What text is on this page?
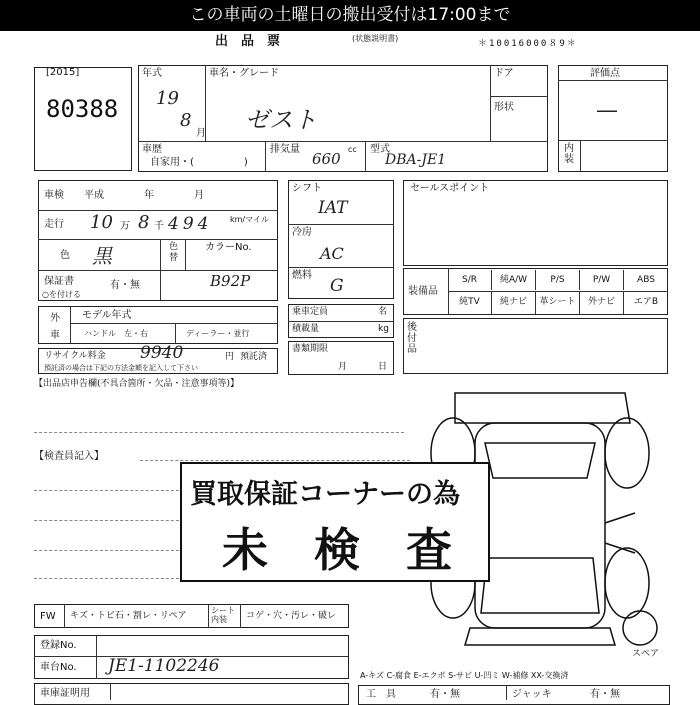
この車両の土曜日の搬出受付は17:00まで
出　品　票	(状態説明書)
＊10016000８9＊
[2015]
80388
年式	車名・グレード	ドア
形状
19
8
月 ゼスト
車歴
自家用・(　　　　　)
排気量	cc
660
型式
DBA-JE1
評価点
—
内装
車検　　平成　　　　年　　　　月
走行 10 万 8 千 494 km/マイル
色 黒	色替
カラーNo.
B92P
保証書
○を付ける
有・無
外車
モデル年式
ハンドル　左・右	ディーラー・並行
リサイクル料金 9940	円 預託済
預託済の場合は下記の方法金額を記入して下さい
シフト
IAT
冷房
AC
燃料
G
乗車定員	名
積載量	kg
書類期限
月	日
セールスポイント
装備品
S/R	純A/W	P/S	P/W	ABS
純TV	純ナビ	革シート	外ナビ	エアB
後付品
【出品店申告欄(不具合箇所・欠品・注意事項等)】
【検査員記入】
スペア
買取保証コーナーの為
未　検　査
FW キズ・トビ石・割レ・リペア
シート内装	コゲ・穴・汚レ・破レ
登録No.
車台No. JE1-1102246
車庫証明用
A-キズ C-腐食 E-エクボ S-サビ U-凹ミ W-補修 XX-交換済
工　具	有・無	ジャッキ	有・無
